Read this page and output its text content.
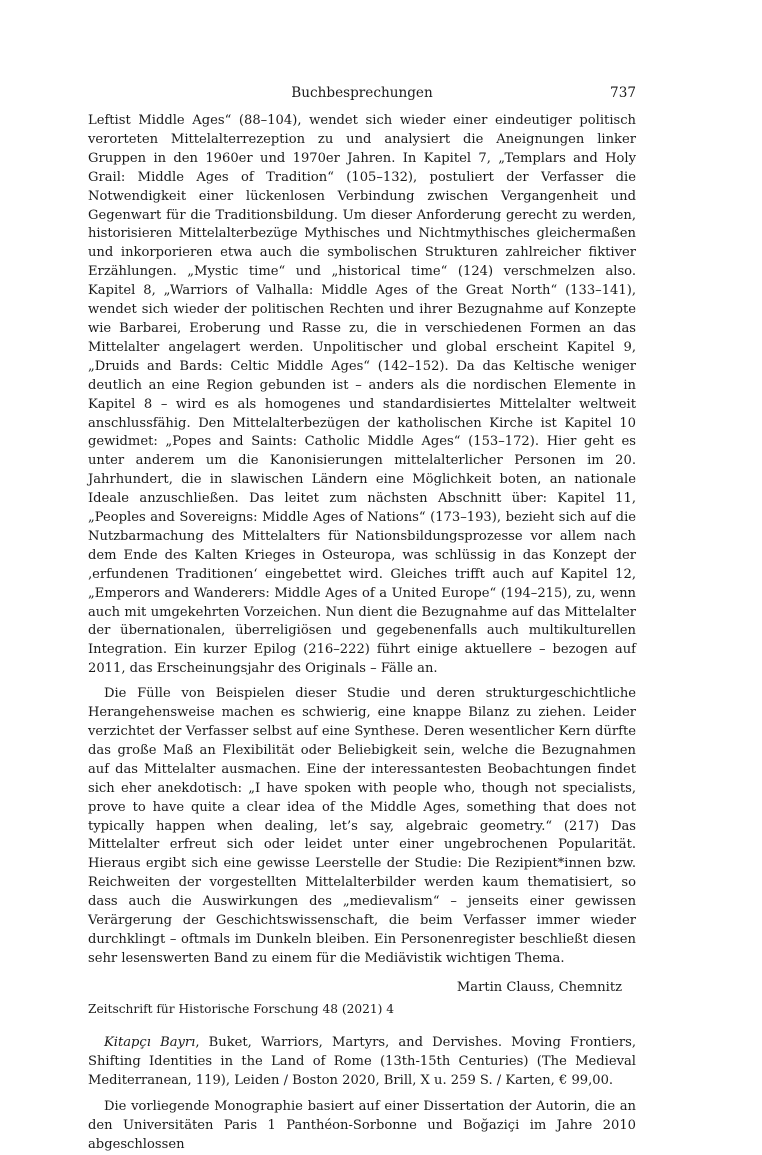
Buchbesprechungen	737

Leftist Middle Ages“ (88–104), wendet sich wieder einer eindeutiger politisch verorteten Mittelalterrezeption zu und analysiert die Aneignungen linker Gruppen in den 1960er und 1970er Jahren. In Kapitel 7, „Templars and Holy Grail: Middle Ages of Tradition“ (105–132), postuliert der Verfasser die Notwendigkeit einer lückenlosen Verbindung zwischen Vergangenheit und Gegenwart für die Traditionsbildung. Um dieser Anforderung gerecht zu werden, historisieren Mittelalterbezüge Mythisches und Nichtmythisches gleichermaßen und inkorporieren etwa auch die symbolischen Strukturen zahlreicher fiktiver Erzählungen. „Mystic time“ und „historical time“ (124) verschmelzen also. Kapitel 8, „Warriors of Valhalla: Middle Ages of the Great North“ (133–141), wendet sich wieder der politischen Rechten und ihrer Bezugnahme auf Konzepte wie Barbarei, Eroberung und Rasse zu, die in verschiedenen Formen an das Mittelalter angelagert werden. Unpolitischer und global erscheint Kapitel 9, „Druids and Bards: Celtic Middle Ages“ (142–152). Da das Keltische weniger deutlich an eine Region gebunden ist – anders als die nordischen Elemente in Kapitel 8 – wird es als homogenes und standardisiertes Mittelalter weltweit anschlussfähig. Den Mittelalterbezügen der katholischen Kirche ist Kapitel 10 gewidmet: „Popes and Saints: Catholic Middle Ages“ (153–172). Hier geht es unter anderem um die Kanonisierungen mittelalterlicher Personen im 20. Jahrhundert, die in slawischen Ländern eine Möglichkeit boten, an nationale Ideale anzuschließen. Das leitet zum nächsten Abschnitt über: Kapitel 11, „Peoples and Sovereigns: Middle Ages of Nations“ (173–193), bezieht sich auf die Nutzbarmachung des Mittelalters für Nationsbildungsprozesse vor allem nach dem Ende des Kalten Krieges in Osteuropa, was schlüssig in das Konzept der ‚erfundenen Traditionen‘ eingebettet wird. Gleiches trifft auch auf Kapitel 12, „Emperors and Wanderers: Middle Ages of a United Europe“ (194–215), zu, wenn auch mit umgekehrten Vorzeichen. Nun dient die Bezugnahme auf das Mittelalter der übernationalen, überreligiösen und gegebenenfalls auch multikulturellen Integration. Ein kurzer Epilog (216–222) führt einige aktuellere – bezogen auf 2011, das Erscheinungsjahr des Originals – Fälle an.

Die Fülle von Beispielen dieser Studie und deren strukturgeschichtliche Herangehensweise machen es schwierig, eine knappe Bilanz zu ziehen. Leider verzichtet der Verfasser selbst auf eine Synthese. Deren wesentlicher Kern dürfte das große Maß an Flexibilität oder Beliebigkeit sein, welche die Bezugnahmen auf das Mittelalter ausmachen. Eine der interessantesten Beobachtungen findet sich eher anekdotisch: „I have spoken with people who, though not specialists, prove to have quite a clear idea of the Middle Ages, something that does not typically happen when dealing, let’s say, algebraic geometry.“ (217) Das Mittelalter erfreut sich oder leidet unter einer ungebrochenen Popularität. Hieraus ergibt sich eine gewisse Leerstelle der Studie: Die Rezipient*innen bzw. Reichweiten der vorgestellten Mittelalterbilder werden kaum thematisiert, so dass auch die Auswirkungen des „medievalism“ – jenseits einer gewissen Verärgerung der Geschichtswissenschaft, die beim Verfasser immer wieder durchklingt – oftmals im Dunkeln bleiben. Ein Personenregister beschließt diesen sehr lesenswerten Band zu einem für die Mediävistik wichtigen Thema.

Martin Clauss, Chemnitz

Kitapçı Bayrı, Buket, Warriors, Martyrs, and Dervishes. Moving Frontiers, Shifting Identities in the Land of Rome (13th-15th Centuries) (The Medieval Mediterranean, 119), Leiden / Boston 2020, Brill, X u. 259 S. / Karten, € 99,00.

Die vorliegende Monographie basiert auf einer Dissertation der Autorin, die an den Universitäten Paris 1 Panthéon-Sorbonne und Boğaziçi im Jahre 2010 abgeschlossen

Zeitschrift für Historische Forschung 48 (2021) 4
